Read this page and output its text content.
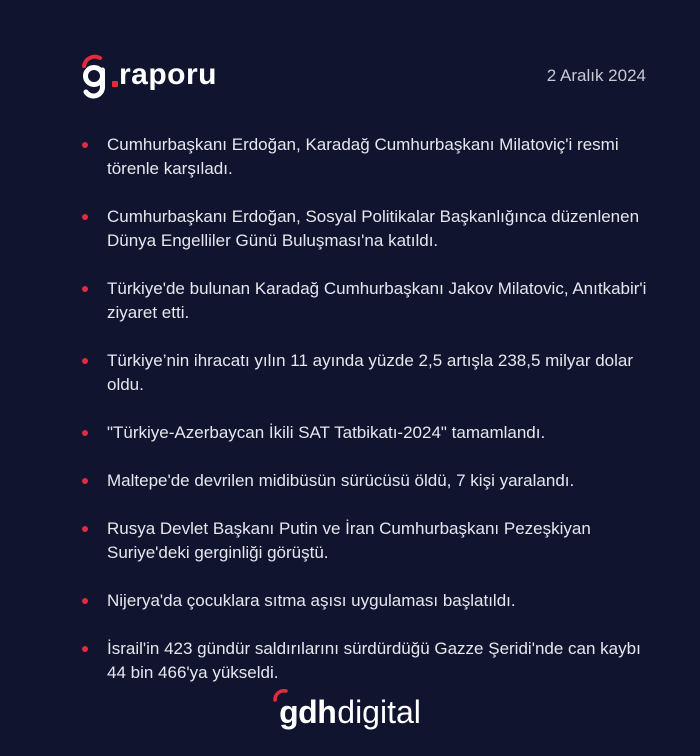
raporu	2 Aralık 2024
Cumhurbaşkanı Erdoğan, Karadağ Cumhurbaşkanı Milatoviç'i resmi törenle karşıladı.
Cumhurbaşkanı Erdoğan, Sosyal Politikalar Başkanlığınca düzenlenen Dünya Engelliler Günü Buluşması'na katıldı.
Türkiye'de bulunan Karadağ Cumhurbaşkanı Jakov Milatovic, Anıtkabir'i ziyaret etti.
Türkiye’nin ihracatı yılın 11 ayında yüzde 2,5 artışla 238,5 milyar dolar oldu.
"Türkiye-Azerbaycan İkili SAT Tatbikatı-2024" tamamlandı.
Maltepe'de devrilen midibüsün sürücüsü öldü, 7 kişi yaralandı.
Rusya Devlet Başkanı Putin ve İran Cumhurbaşkanı Pezeşkiyan Suriye'deki gerginliği görüştü.
Nijerya'da çocuklara sıtma aşısı uygulaması başlatıldı.
İsrail'in 423 gündür saldırılarını sürdürdüğü Gazze Şeridi'nde can kaybı 44 bin 466'ya yükseldi.
gdh digital
